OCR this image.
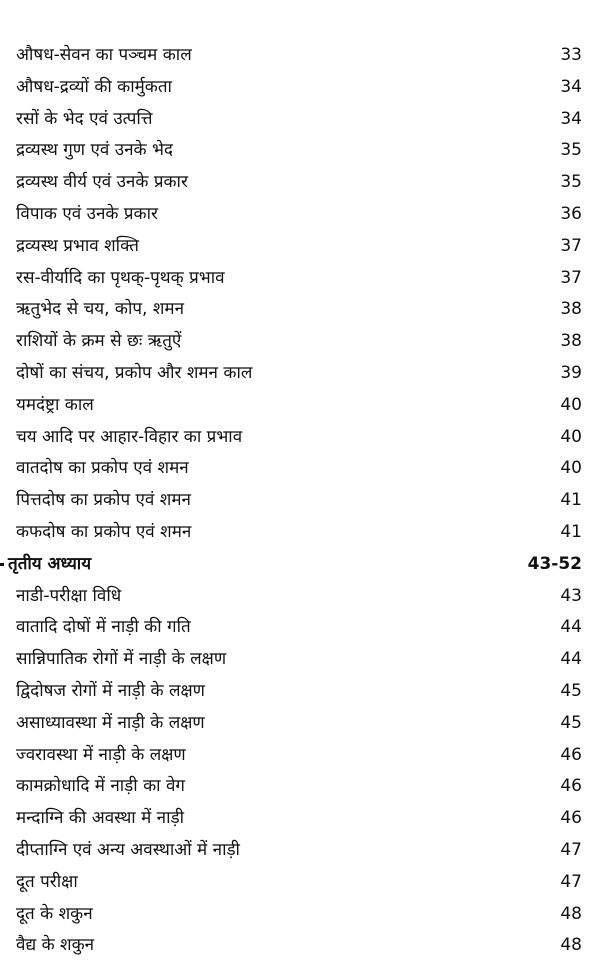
औषध-सेवन का पञ्चम काल	33
औषध-द्रव्यों की कार्मुकता	34
रसों के भेद एवं उत्पत्ति	34
द्रव्यस्थ गुण एवं उनके भेद	35
द्रव्यस्थ वीर्य एवं उनके प्रकार	35
विपाक एवं उनके प्रकार	36
द्रव्यस्थ प्रभाव शक्ति	37
रस-वीर्यादि का पृथक्-पृथक् प्रभाव	37
ऋतुभेद से चय, कोप, शमन	38
राशियों के क्रम से छः ऋतुऐं	38
दोषों का संचय, प्रकोप और शमन काल	39
यमदंष्ट्रा काल	40
चय आदि पर आहार-विहार का प्रभाव	40
वातदोष का प्रकोप एवं शमन	40
पित्तदोष का प्रकोप एवं शमन	41
कफदोष का प्रकोप एवं शमन	41
तृतीय अध्याय	43-52
नाडी-परीक्षा विधि	43
वातादि दोषों में नाड़ी की गति	44
सान्निपातिक रोगों में नाड़ी के लक्षण	44
द्विदोषज रोगों में नाड़ी के लक्षण	45
असाध्यावस्था में नाड़ी के लक्षण	45
ज्वरावस्था में नाड़ी के लक्षण	46
कामक्रोधादि में नाड़ी का वेग	46
मन्दाग्नि की अवस्था में नाड़ी	46
दीप्ताग्नि एवं अन्य अवस्थाओं में नाड़ी	47
दूत परीक्षा	47
दूत के शकुन	48
वैद्य के शकुन	48
